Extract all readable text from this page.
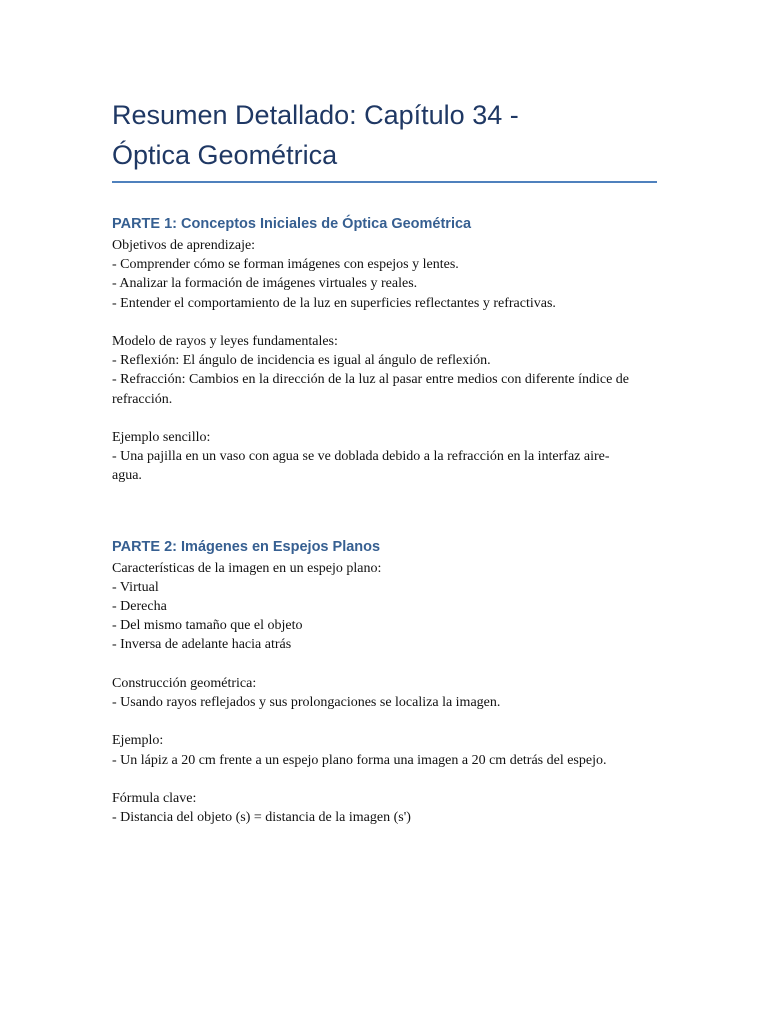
Resumen Detallado: Capítulo 34 -
Óptica Geométrica
PARTE 1: Conceptos Iniciales de Óptica Geométrica
Objetivos de aprendizaje:
- Comprender cómo se forman imágenes con espejos y lentes.
- Analizar la formación de imágenes virtuales y reales.
- Entender el comportamiento de la luz en superficies reflectantes y refractivas.
Modelo de rayos y leyes fundamentales:
- Reflexión: El ángulo de incidencia es igual al ángulo de reflexión.
- Refracción: Cambios en la dirección de la luz al pasar entre medios con diferente índice de
refracción.
Ejemplo sencillo:
- Una pajilla en un vaso con agua se ve doblada debido a la refracción en la interfaz aire-
agua.
PARTE 2: Imágenes en Espejos Planos
Características de la imagen en un espejo plano:
- Virtual
- Derecha
- Del mismo tamaño que el objeto
- Inversa de adelante hacia atrás
Construcción geométrica:
- Usando rayos reflejados y sus prolongaciones se localiza la imagen.
Ejemplo:
- Un lápiz a 20 cm frente a un espejo plano forma una imagen a 20 cm detrás del espejo.
Fórmula clave:
- Distancia del objeto (s) = distancia de la imagen (s')
